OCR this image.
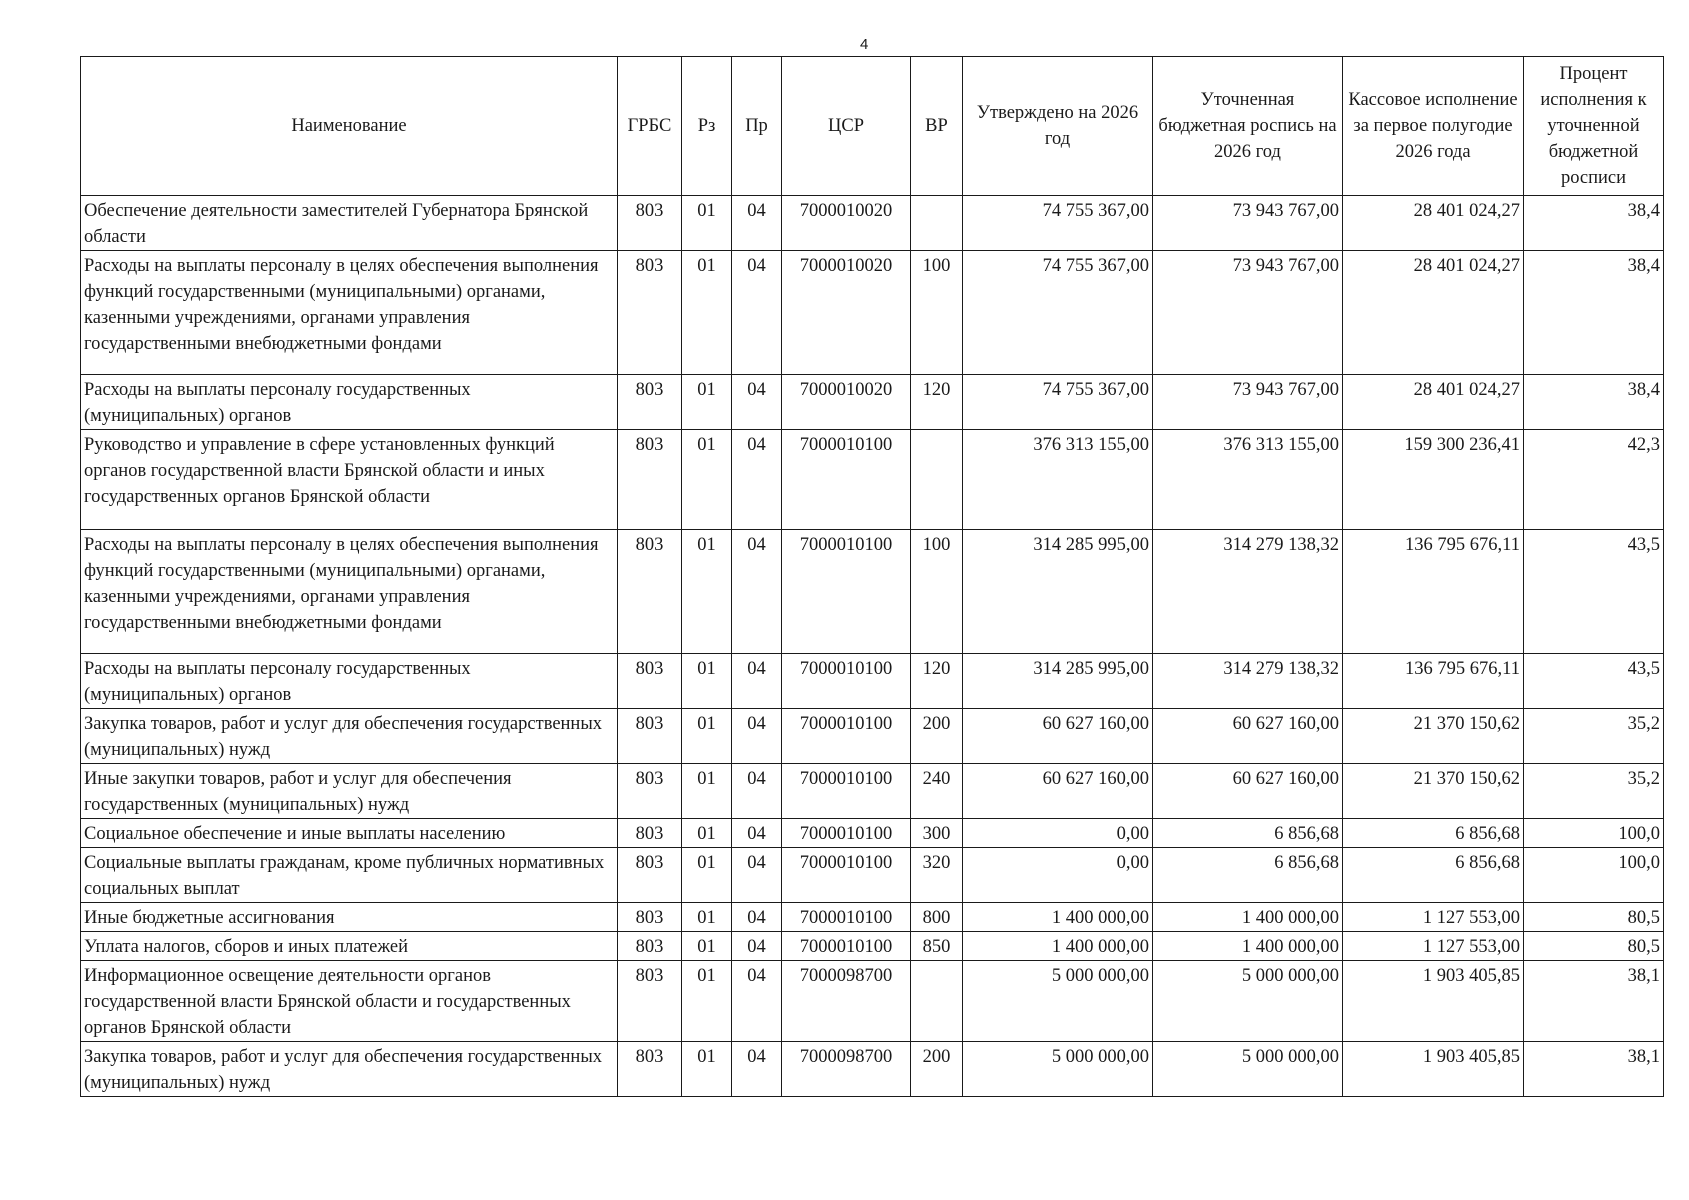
4
Наименование	ГРБС	Рз	Пр	ЦСР	ВР	Утверждено на 2026 год	Уточненная бюджетная роспись на 2026 год	Кассовое исполнение за первое полугодие 2026 года	Процент исполнения к уточненной бюджетной росписи
Обеспечение деятельности заместителей Губернатора Брянской области	803	01	04	7000010020		74 755 367,00	73 943 767,00	28 401 024,27	38,4
Расходы на выплаты персоналу в целях обеспечения выполнения функций государственными (муниципальными) органами, казенными учреждениями, органами управления государственными внебюджетными фондами	803	01	04	7000010020	100	74 755 367,00	73 943 767,00	28 401 024,27	38,4
Расходы на выплаты персоналу государственных (муниципальных) органов	803	01	04	7000010020	120	74 755 367,00	73 943 767,00	28 401 024,27	38,4
Руководство и управление в сфере установленных функций органов государственной власти Брянской области и иных государственных органов Брянской области	803	01	04	7000010100		376 313 155,00	376 313 155,00	159 300 236,41	42,3
Расходы на выплаты персоналу в целях обеспечения выполнения функций государственными (муниципальными) органами, казенными учреждениями, органами управления государственными внебюджетными фондами	803	01	04	7000010100	100	314 285 995,00	314 279 138,32	136 795 676,11	43,5
Расходы на выплаты персоналу государственных (муниципальных) органов	803	01	04	7000010100	120	314 285 995,00	314 279 138,32	136 795 676,11	43,5
Закупка товаров, работ и услуг для обеспечения государственных (муниципальных) нужд	803	01	04	7000010100	200	60 627 160,00	60 627 160,00	21 370 150,62	35,2
Иные закупки товаров, работ и услуг для обеспечения государственных (муниципальных) нужд	803	01	04	7000010100	240	60 627 160,00	60 627 160,00	21 370 150,62	35,2
Социальное обеспечение и иные выплаты населению	803	01	04	7000010100	300	0,00	6 856,68	6 856,68	100,0
Социальные выплаты гражданам, кроме публичных нормативных социальных выплат	803	01	04	7000010100	320	0,00	6 856,68	6 856,68	100,0
Иные бюджетные ассигнования	803	01	04	7000010100	800	1 400 000,00	1 400 000,00	1 127 553,00	80,5
Уплата налогов, сборов и иных платежей	803	01	04	7000010100	850	1 400 000,00	1 400 000,00	1 127 553,00	80,5
Информационное освещение деятельности органов государственной власти Брянской области и государственных органов Брянской области	803	01	04	7000098700		5 000 000,00	5 000 000,00	1 903 405,85	38,1
Закупка товаров, работ и услуг для обеспечения государственных (муниципальных) нужд	803	01	04	7000098700	200	5 000 000,00	5 000 000,00	1 903 405,85	38,1
